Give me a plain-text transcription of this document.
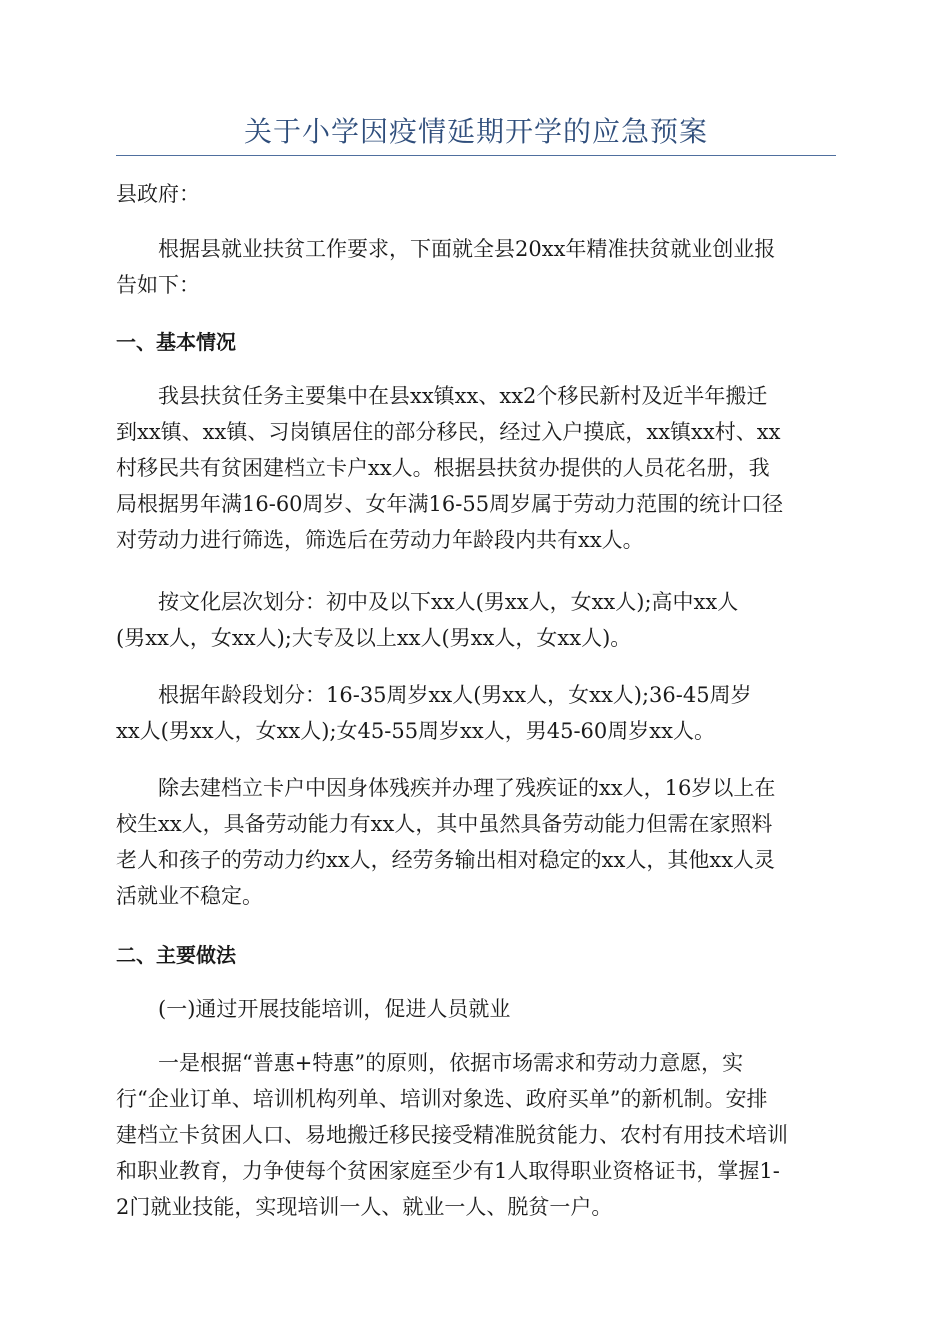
关于小学因疫情延期开学的应急预案
县政府：
根据县就业扶贫工作要求，下面就全县20xx年精准扶贫就业创业报
告如下：
一、基本情况
我县扶贫任务主要集中在县xx镇xx、xx2个移民新村及近半年搬迁
到xx镇、xx镇、习岗镇居住的部分移民，经过入户摸底，xx镇xx村、xx
村移民共有贫困建档立卡户xx人。根据县扶贫办提供的人员花名册，我
局根据男年满16-60周岁、女年满16-55周岁属于劳动力范围的统计口径
对劳动力进行筛选，筛选后在劳动力年龄段内共有xx人。
按文化层次划分：初中及以下xx人(男xx人，女xx人);高中xx人
(男xx人，女xx人);大专及以上xx人(男xx人，女xx人)。
根据年龄段划分：16-35周岁xx人(男xx人，女xx人);36-45周岁
xx人(男xx人，女xx人);女45-55周岁xx人，男45-60周岁xx人。
除去建档立卡户中因身体残疾并办理了残疾证的xx人，16岁以上在
校生xx人，具备劳动能力有xx人，其中虽然具备劳动能力但需在家照料
老人和孩子的劳动力约xx人，经劳务输出相对稳定的xx人，其他xx人灵
活就业不稳定。
二、主要做法
(一)通过开展技能培训，促进人员就业
一是根据“普惠+特惠”的原则，依据市场需求和劳动力意愿，实
行“企业订单、培训机构列单、培训对象选、政府买单”的新机制。安排
建档立卡贫困人口、易地搬迁移民接受精准脱贫能力、农村有用技术培训
和职业教育，力争使每个贫困家庭至少有1人取得职业资格证书，掌握1-
2门就业技能，实现培训一人、就业一人、脱贫一户。
